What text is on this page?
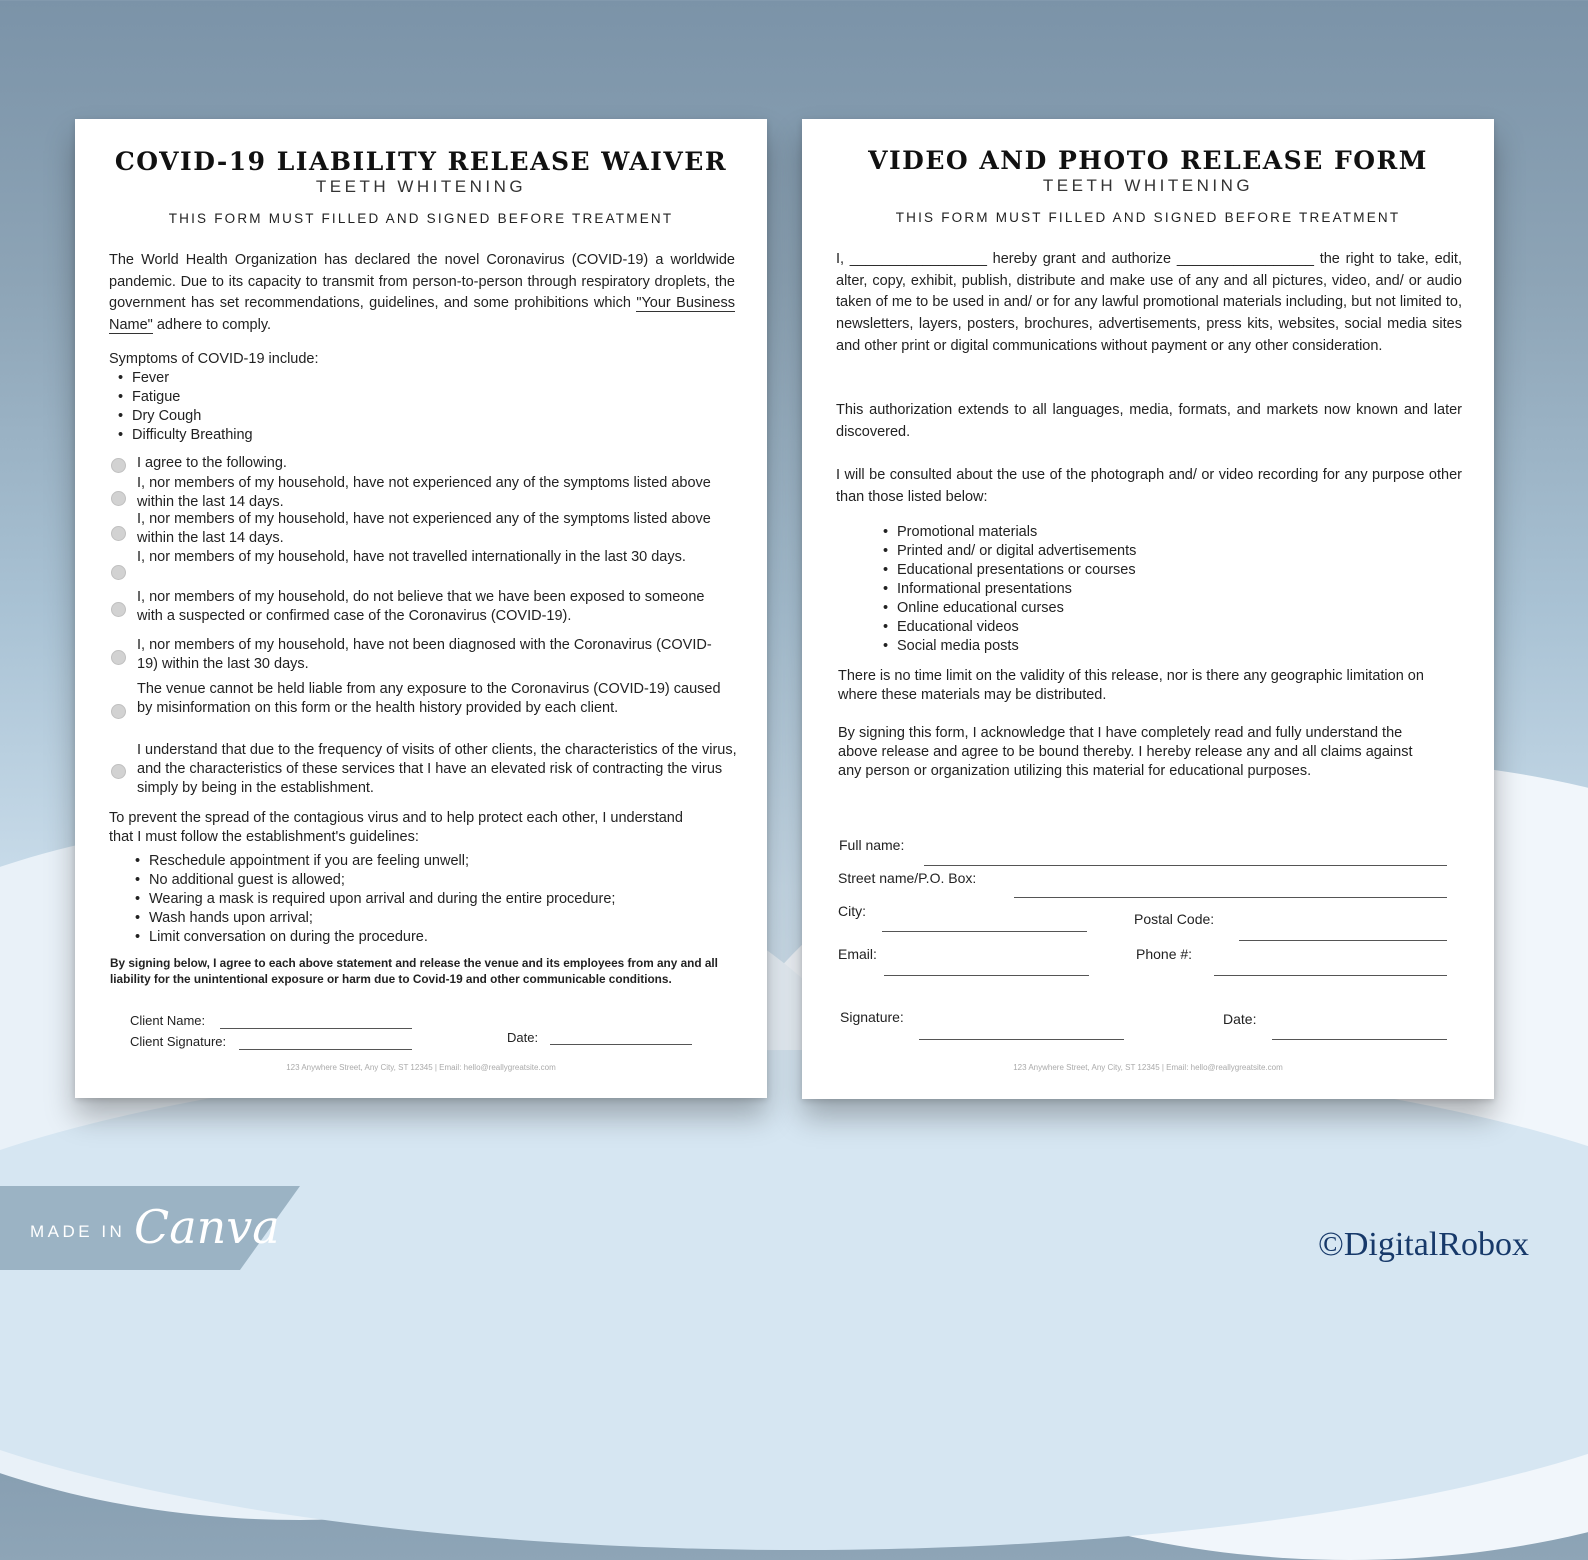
COVID-19 LIABILITY RELEASE WAIVER
TEETH WHITENING
THIS FORM MUST FILLED AND SIGNED BEFORE TREATMENT
The World Health Organization has declared the novel Coronavirus (COVID-19) a worldwide pandemic. Due to its capacity to transmit from person-to-person through respiratory droplets, the government has set recommendations, guidelines, and some prohibitions which "Your Business Name" adhere to comply.
Symptoms of COVID-19 include:
• Fever
• Fatigue
• Dry Cough
• Difficulty Breathing
I agree to the following.
I, nor members of my household, have not experienced any of the symptoms listed above within the last 14 days.
I, nor members of my household, have not experienced any of the symptoms listed above within the last 14 days.
I, nor members of my household, have not travelled internationally in the last 30 days.
I, nor members of my household, do not believe that we have been exposed to someone with a suspected or confirmed case of the Coronavirus (COVID-19).
I, nor members of my household, have not been diagnosed with the Coronavirus (COVID-19) within the last 30 days.
The venue cannot be held liable from any exposure to the Coronavirus (COVID-19) caused by misinformation on this form or the health history provided by each client.
I understand that due to the frequency of visits of other clients, the characteristics of the virus, and the characteristics of these services that I have an elevated risk of contracting the virus simply by being in the establishment.
To prevent the spread of the contagious virus and to help protect each other, I understand that I must follow the establishment's guidelines:
• Reschedule appointment if you are feeling unwell;
• No additional guest is allowed;
• Wearing a mask is required upon arrival and during the entire procedure;
• Wash hands upon arrival;
• Limit conversation on during the procedure.
By signing below, I agree to each above statement and release the venue and its employees from any and all liability for the unintentional exposure or harm due to Covid-19 and other communicable conditions.
Client Name:
Client Signature:	Date:
123 Anywhere Street, Any City, ST 12345 | Email: hello@reallygreatsite.com
VIDEO AND PHOTO RELEASE FORM
TEETH WHITENING
THIS FORM MUST FILLED AND SIGNED BEFORE TREATMENT
I, _________________ hereby grant and authorize _________________ the right to take, edit, alter, copy, exhibit, publish, distribute and make use of any and all pictures, video, and/ or audio taken of me to be used in and/ or for any lawful promotional materials including, but not limited to, newsletters, layers, posters, brochures, advertisements, press kits, websites, social media sites and other print or digital communications without payment or any other consideration.
This authorization extends to all languages, media, formats, and markets now known and later discovered.
I will be consulted about the use of the photograph and/ or video recording for any purpose other than those listed below:
• Promotional materials
• Printed and/ or digital advertisements
• Educational presentations or courses
• Informational presentations
• Online educational curses
• Educational videos
• Social media posts
There is no time limit on the validity of this release, nor is there any geographic limitation on where these materials may be distributed.
By signing this form, I acknowledge that I have completely read and fully understand the above release and agree to be bound thereby. I hereby release any and all claims against any person or organization utilizing this material for educational purposes.
Full name:
Street name/P.O. Box:
City:	Postal Code:
Email:	Phone #:
Signature:	Date:
123 Anywhere Street, Any City, ST 12345 | Email: hello@reallygreatsite.com
MADE IN Canva	©DigitalRobox
